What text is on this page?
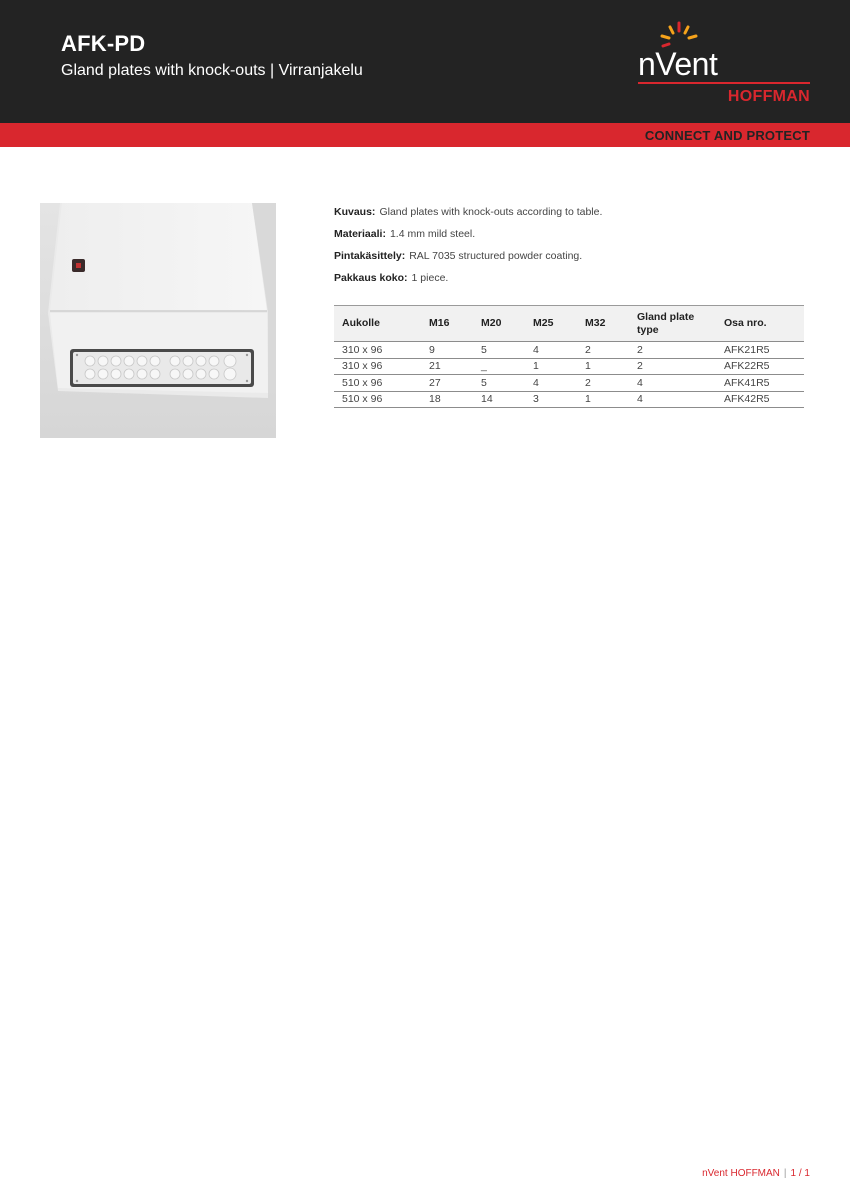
AFK-PD
Gland plates with knock-outs | Virranjakelu	nVent
HOFFMAN
CONNECT AND PROTECT
Kuvaus: Gland plates with knock-outs according to table.
Materiaali: 1.4 mm mild steel.
Pintakäsittely: RAL 7035 structured powder coating.
Pakkaus koko: 1 piece.
Aukolle	M16	M20	M25	M32	Gland plate type	Osa nro.
310 x 96	9	5	4	2	2	AFK21R5
310 x 96	21	_	1	1	2	AFK22R5
510 x 96	27	5	4	2	4	AFK41R5
510 x 96	18	14	3	1	4	AFK42R5
nVent HOFFMAN | 1 / 1
